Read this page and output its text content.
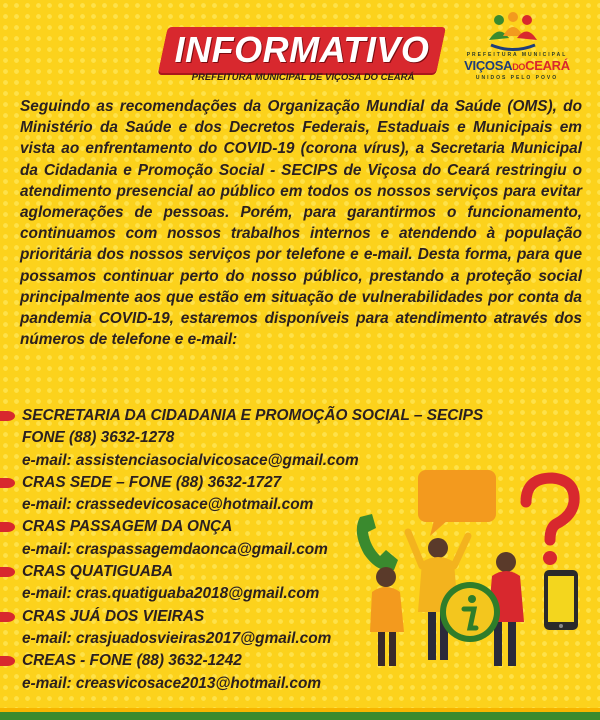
INFORMATIVO
PREFEITURA MUNICIPAL DE VIÇOSA DO CEARÁ
PREFEITURA MUNICIPAL
VIÇOSADOCEARÁ
UNIDOS PELO POVO

Seguindo as recomendações da Organização Mundial da Saúde (OMS), do Ministério da Saúde e dos Decretos Federais, Estaduais e Municipais em vista ao enfrentamento do COVID-19 (corona vírus), a Secretaria Municipal da Cidadania e Promoção Social - SECIPS de Viçosa do Ceará restringiu o atendimento presencial ao público em todos os nossos serviços para evitar aglomerações de pessoas. Porém, para garantirmos o funcionamento, continuamos com nossos trabalhos internos e atendendo à população prioritária dos nossos serviços por telefone e e-mail. Desta forma, para que possamos continuar perto do nosso público, prestando a proteção social principalmente aos que estão em situação de vulnerabilidades por conta da pandemia COVID-19, estaremos disponíveis para atendimento através dos números de telefone e e-mail:

SECRETARIA DA CIDADANIA E PROMOÇÃO SOCIAL – SECIPS
FONE (88) 3632-1278
e-mail: assistenciasocialvicosace@gmail.com
CRAS SEDE – FONE (88) 3632-1727
e-mail: crassedevicosace@hotmail.com
CRAS PASSAGEM DA ONÇA
e-mail: craspassagemdaonca@gmail.com
CRAS QUATIGUABA
e-mail: cras.quatiguaba2018@gmail.com
CRAS JUÁ DOS VIEIRAS
e-mail: crasjuadosvieiras2017@gmail.com
CREAS - FONE (88) 3632-1242
e-mail: creasvicosace2013@hotmail.com
